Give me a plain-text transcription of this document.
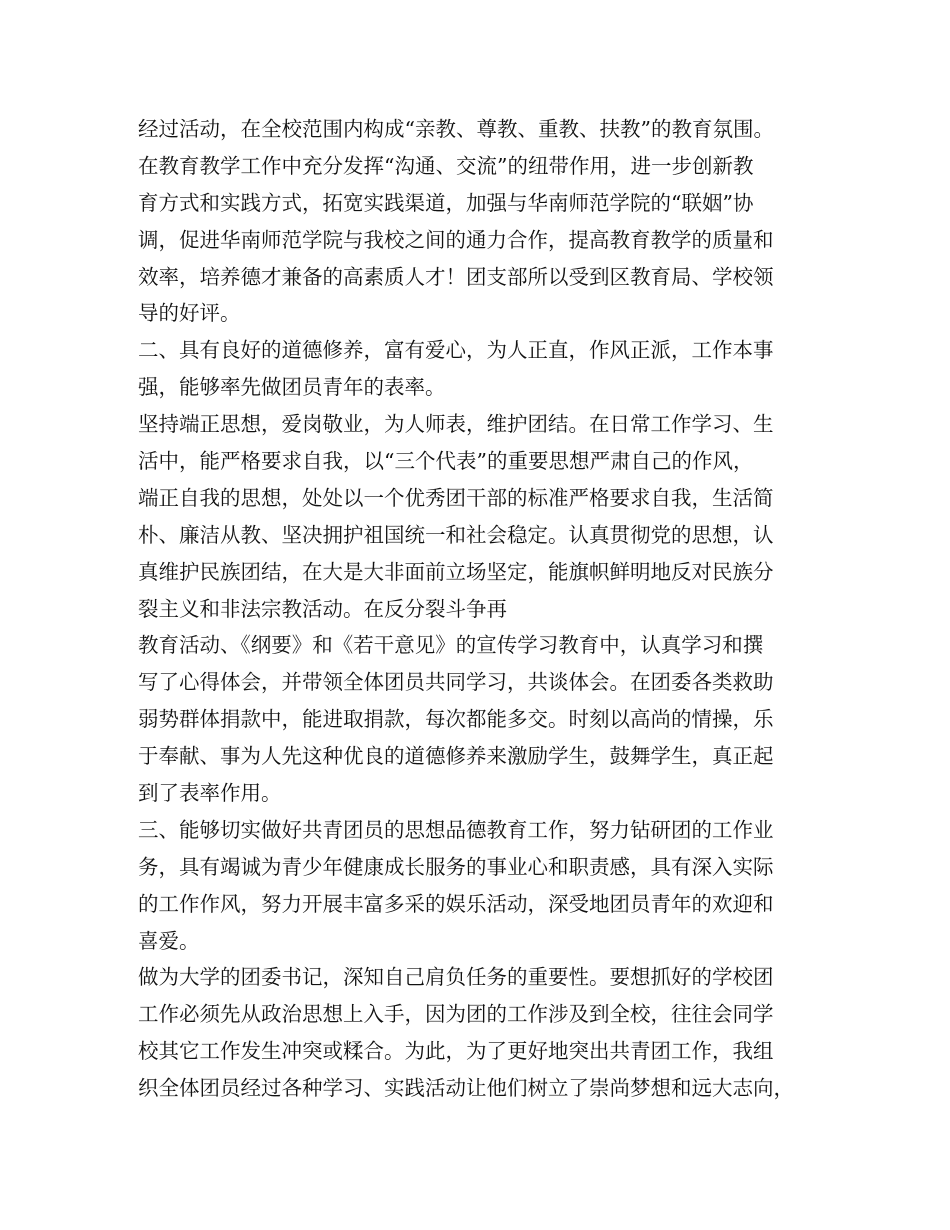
经过活动，在全校范围内构成“亲教、尊教、重教、扶教”的教育氛围。
在教育教学工作中充分发挥“沟通、交流”的纽带作用，进一步创新教
育方式和实践方式，拓宽实践渠道，加强与华南师范学院的“联姻”协
调，促进华南师范学院与我校之间的通力合作，提高教育教学的质量和
效率，培养德才兼备的高素质人才！团支部所以受到区教育局、学校领
导的好评。
二、具有良好的道德修养，富有爱心，为人正直，作风正派，工作本事
强，能够率先做团员青年的表率。
坚持端正思想，爱岗敬业，为人师表，维护团结。在日常工作学习、生
活中，能严格要求自我，以“三个代表”的重要思想严肃自己的作风，
端正自我的思想，处处以一个优秀团干部的标准严格要求自我，生活简
朴、廉洁从教、坚决拥护祖国统一和社会稳定。认真贯彻党的思想，认
真维护民族团结，在大是大非面前立场坚定，能旗帜鲜明地反对民族分
裂主义和非法宗教活动。在反分裂斗争再
教育活动、《纲要》和《若干意见》的宣传学习教育中，认真学习和撰
写了心得体会，并带领全体团员共同学习，共谈体会。在团委各类救助
弱势群体捐款中，能进取捐款，每次都能多交。时刻以高尚的情操，乐
于奉献、事为人先这种优良的道德修养来激励学生，鼓舞学生，真正起
到了表率作用。
三、能够切实做好共青团员的思想品德教育工作，努力钻研团的工作业
务，具有竭诚为青少年健康成长服务的事业心和职责感，具有深入实际
的工作作风，努力开展丰富多采的娱乐活动，深受地团员青年的欢迎和
喜爱。
做为大学的团委书记，深知自己肩负任务的重要性。要想抓好的学校团
工作必须先从政治思想上入手，因为团的工作涉及到全校，往往会同学
校其它工作发生冲突或糅合。为此，为了更好地突出共青团工作，我组
织全体团员经过各种学习、实践活动让他们树立了崇尚梦想和远大志向，
